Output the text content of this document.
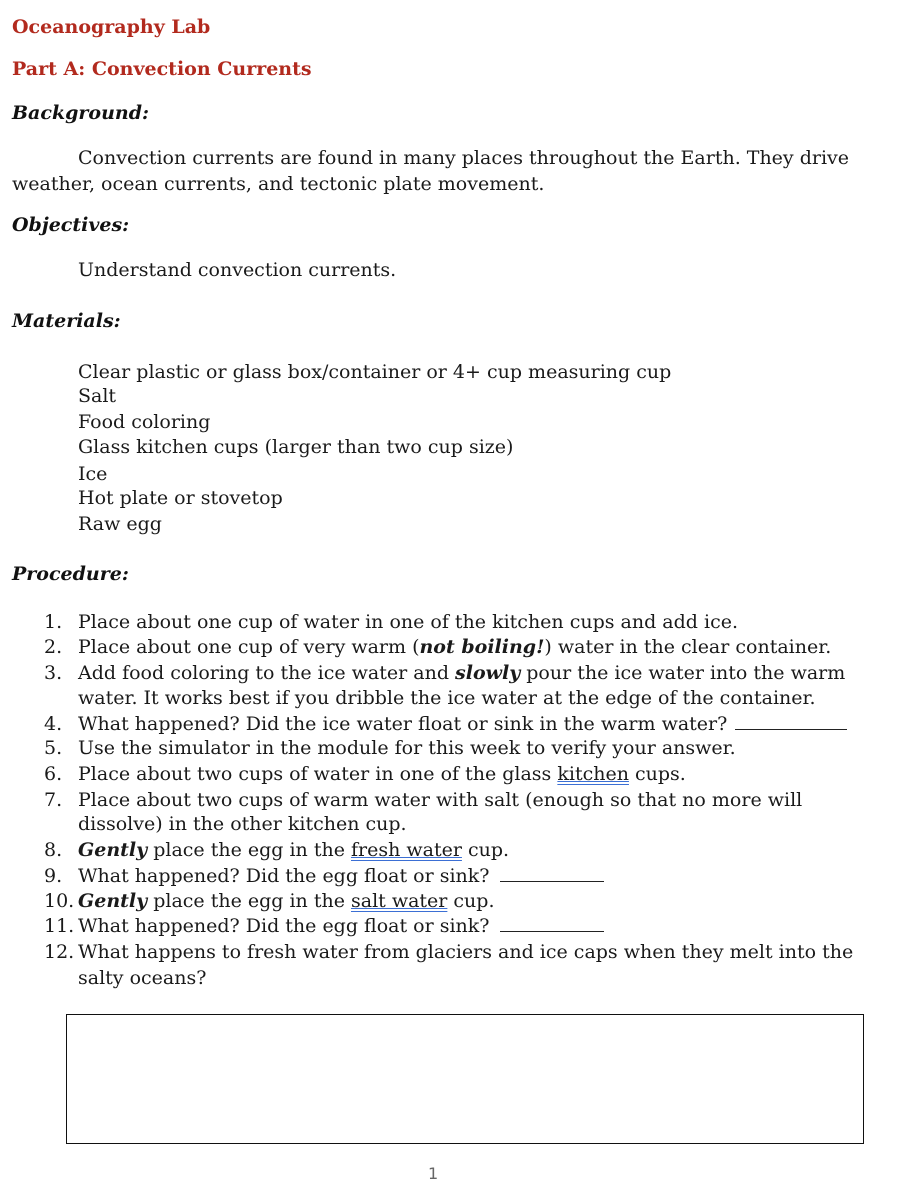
Oceanography Lab
Part A: Convection Currents
Background:
Convection currents are found in many places throughout the Earth. They drive
weather, ocean currents, and tectonic plate movement.
Objectives:
Understand convection currents.
Materials:
Clear plastic or glass box/container or 4+ cup measuring cup
Salt
Food coloring
Glass kitchen cups (larger than two cup size)
Ice
Hot plate or stovetop
Raw egg
Procedure:
1. Place about one cup of water in one of the kitchen cups and add ice.
2. Place about one cup of very warm (not boiling!) water in the clear container.
3. Add food coloring to the ice water and slowly pour the ice water into the warm
water. It works best if you dribble the ice water at the edge of the container.
4. What happened? Did the ice water float or sink in the warm water?
5. Use the simulator in the module for this week to verify your answer.
6. Place about two cups of water in one of the glass kitchen cups.
7. Place about two cups of warm water with salt (enough so that no more will
dissolve) in the other kitchen cup.
8. Gently place the egg in the fresh water cup.
9. What happened? Did the egg float or sink?
10. Gently place the egg in the salt water cup.
11. What happened? Did the egg float or sink?
12. What happens to fresh water from glaciers and ice caps when they melt into the
salty oceans?
1
